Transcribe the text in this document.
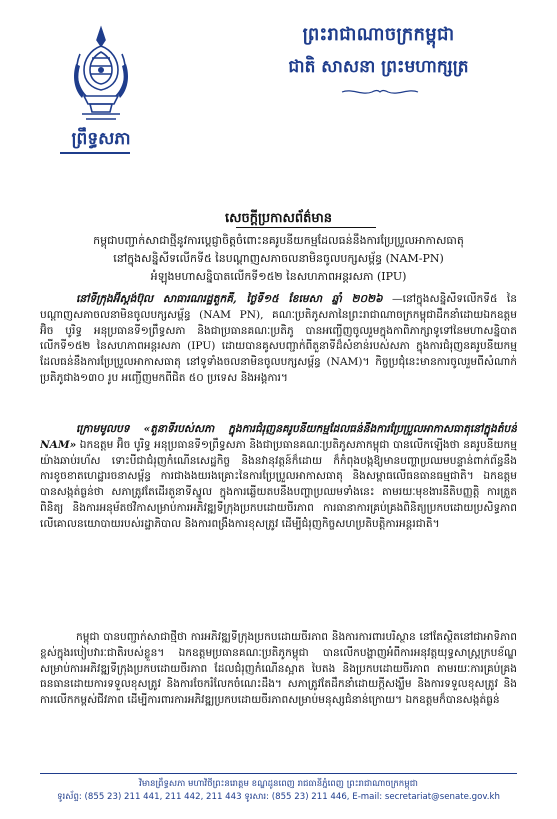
ព្រឹទ្ធសភា
ព្រះរាជាណាចក្រកម្ពុជា
ជាតិ សាសនា ព្រះមហាក្សត្រ
សេចក្តីប្រកាសព័ត៌មាន
កម្ពុជាបញ្ជាក់សាជាថ្មីនូវការប្តេជ្ញាចិត្តចំពោះនគរូបនីយកម្មដែលធន់នឹងការប្រែប្រួលអាកាសធាតុ
នៅក្នុងសន្និសីទលើកទី៥ នៃបណ្តាញសភាចលនាមិនចូលបក្សសម្ព័ន្ធ (NAM-PN)
អំឡុងមហាសន្និបាតលើកទី១៥២ នៃសហភាពអន្តរសភា (IPU)
នៅទីក្រុងអ៊ីស្តង់ប៊ុល សាធារណរដ្ឋតួកគី, ថ្ងៃទី១៥ ខែមេសា ឆ្នាំ ២០២៦ —នៅក្នុងសន្និសីទលើកទី៥ នៃបណ្តាញសភាចលនាមិនចូលបក្សសម្ព័ន្ធ (NAM PN), គណៈប្រតិភូសភានៃព្រះរាជាណាចក្រកម្ពុជាដឹកនាំដោយឯកឧត្តម អ៊ិច បូរិទ្ធ អនុប្រធានទី១ព្រឹទ្ធសភា និងជាប្រធានគណៈប្រតិភូ បានអញ្ជើញចូលរួមក្នុងកាពិភាក្សាទូទៅនៃមហាសន្និបាតលើកទី១៥២ នៃសហភាពអន្តរសភា (IPU) ដោយបានគូសបញ្ជាក់ពីតួនាទីដ៏សំខាន់របស់សភា ក្នុងការជំរុញនគរូបនីយកម្មដែលធន់នឹងការប្រែប្រួលអាកាសធាតុ នៅទូទាំងចលនាមិនចូលបក្សសម្ព័ន្ធ (NAM)។ កិច្ចប្រជុំនេះមានការចូលរួមពីសំណាក់ប្រតិភូជាង១៣០ រូប អញ្ជើញមកពីជិត ៥០ ប្រទេស និងអង្គការ។
ក្រោមមូលបទ «តួនាទីរបស់សភា ក្នុងការជំរុញនគរូបនីយកម្មដែលធន់នឹងការប្រែប្រួលអាកាសធាតុនៅក្នុងតំបន់ NAM» ឯកឧត្តម អ៊ិច បូរិទ្ធ អនុប្រធានទី១ព្រឹទ្ធសភា និងជាប្រធានគណៈប្រតិភូសភាកម្ពុជា បានលើកឡើងថា នគរូបនីយកម្មយ៉ាងឆាប់រហ័ស ទោះបីជាជំរុញកំណើនសេដ្ឋកិច្ច និងនវានុវត្តន៍ក៏ដោយ ក៏កំពុងបង្កឱ្យមានបញ្ហាប្រឈមបន្ទាន់ពាក់ព័ន្ធនឹងការខូចខាតហេដ្ឋារចនាសម្ព័ន្ធ ការជាងងយរងគ្រោះនៃការប្រែប្រួលអាកាសធាតុ និងសម្ពាធលើធនធានធម្មជាតិ។ ឯកឧត្តម បានសង្កត់ធ្ងន់ថា សភាត្រូវតែដើរតួនាទីស្នូល ក្នុងការឆ្លើយតបនឹងបញ្ហាប្រឈមទាំងនេះ តាមរយៈមុខងារនីតិបញ្ញត្តិ ការត្រួតពិនិត្យ និងការអនុម័តថវិកាសម្រាប់ការអភិវឌ្ឍទីក្រុងប្រកបដោយចីរភាព ការធានាការគ្រប់គ្រងពិនិត្យប្រកបដោយប្រសិទ្ធភាពលើគោលនយោបាយរបស់រដ្ឋាភិបាល និងការពង្រឹងការខុសត្រូវ ដើម្បីជំរុញកិច្ចសហប្រតិបត្តិការអន្តរជាតិ។
កម្ពុជា បានបញ្ជាក់សាជាថ្មីថា ការអភិវឌ្ឍទីក្រុងប្រកបដោយចីរភាព និងការការពារបរិស្ថាន នៅតែស្ថិតនៅជាអាទិភាពខ្ពស់ក្នុងរបៀបវារៈជាតិរបស់ខ្លួន។ ឯកឧត្តមប្រធានគណៈប្រតិភូកម្ពុជា បានលើកបង្ហាញអំពីការអនុវត្តយុទ្ធសាស្ត្រក្របខ័ណ្ឌសម្រាប់ការអភិវឌ្ឍទីក្រុងប្រកបដោយចីរភាព ដែលជំរុញកំណើនស្អាត បៃតង និងប្រកបដោយចីរភាព តាមរយៈការគ្រប់គ្រងធនធានដោយការទទួលខុសត្រូវ និងការចែករំលែកចំណេះដឹង។ សភាត្រូវតែដឹកនាំដោយក្តីសង្ឃឹម និងការទទួលខុសត្រូវ និងការលើកកម្ពស់ជីវភាព ដើម្បីការពារការអភិវឌ្ឍប្រកបដោយចីរភាពសម្រាប់មនុស្សជំនាន់ក្រោយ។ ឯកឧត្តមក៏បានសង្កត់ធ្ងន់
វិមានព្រឹទ្ធសភា មហាវិថីព្រះនរោត្តម ខណ្ឌដូនពេញ រាជធានីភ្នំពេញ ព្រះរាជាណាចក្រកម្ពុជា
ទូរស័ព្ទ: (855 23) 211 441, 211 442, 211 443 ទូរសារ: (855 23) 211 446, E-mail: secretariat@senate.gov.kh
